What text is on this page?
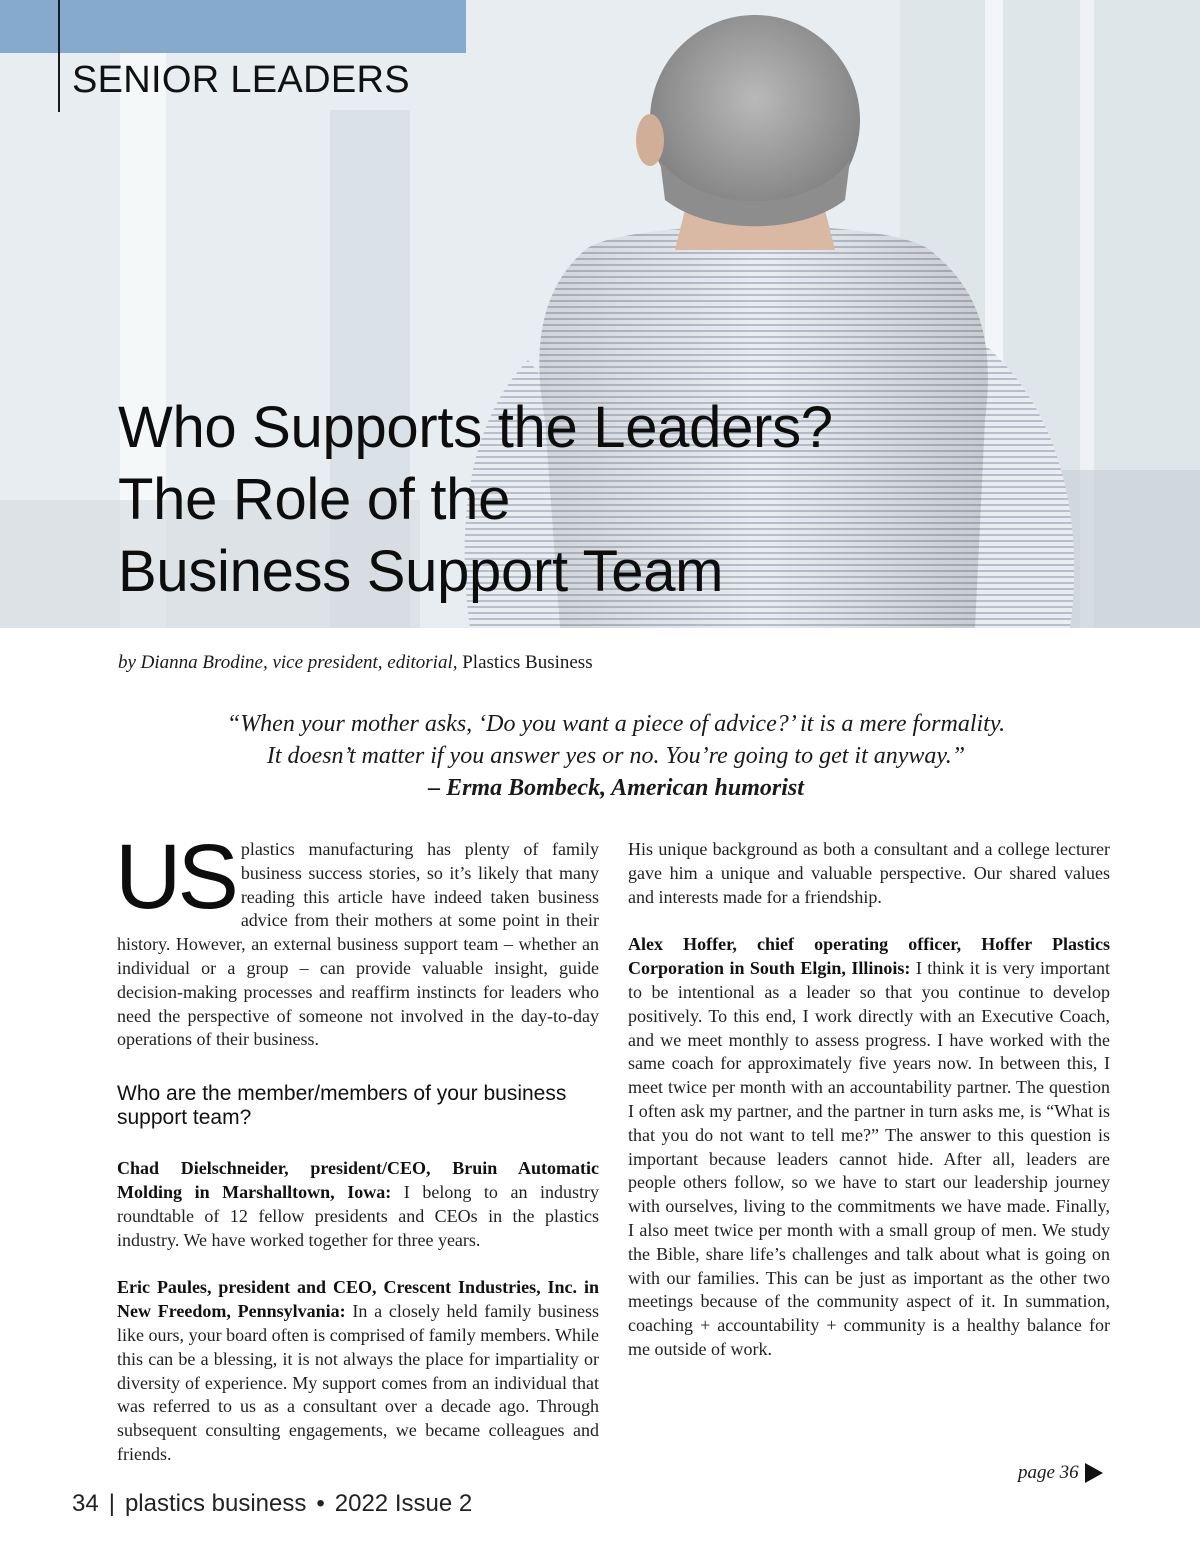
SENIOR LEADERS
Who Supports the Leaders?
The Role of the
Business Support Team

by Dianna Brodine, vice president, editorial, Plastics Business

“When your mother asks, ‘Do you want a piece of advice?’ it is a mere formality.
It doesn’t matter if you answer yes or no. You’re going to get it anyway.”
– Erma Bombeck, American humorist

US plastics manufacturing has plenty of family business success stories, so it’s likely that many reading this article have indeed taken business advice from their mothers at some point in their history. However, an external business support team – whether an individual or a group – can provide valuable insight, guide decision-making processes and reaffirm instincts for leaders who need the perspective of someone not involved in the day-to-day operations of their business.

Who are the member/members of your business support team?

Chad Dielschneider, president/CEO, Bruin Automatic Molding in Marshalltown, Iowa: I belong to an industry roundtable of 12 fellow presidents and CEOs in the plastics industry. We have worked together for three years.

Eric Paules, president and CEO, Crescent Industries, Inc. in New Freedom, Pennsylvania: In a closely held family business like ours, your board often is comprised of family members. While this can be a blessing, it is not always the place for impartiality or diversity of experience. My support comes from an individual that was referred to us as a consultant over a decade ago. Through subsequent consulting engagements, we became colleagues and friends.

His unique background as both a consultant and a college lecturer gave him a unique and valuable perspective. Our shared values and interests made for a friendship.

Alex Hoffer, chief operating officer, Hoffer Plastics Corporation in South Elgin, Illinois: I think it is very important to be intentional as a leader so that you continue to develop positively. To this end, I work directly with an Executive Coach, and we meet monthly to assess progress. I have worked with the same coach for approximately five years now. In between this, I meet twice per month with an accountability partner. The question I often ask my partner, and the partner in turn asks me, is “What is that you do not want to tell me?” The answer to this question is important because leaders cannot hide. After all, leaders are people others follow, so we have to start our leadership journey with ourselves, living to the commitments we have made. Finally, I also meet twice per month with a small group of men. We study the Bible, share life’s challenges and talk about what is going on with our families. This can be just as important as the other two meetings because of the community aspect of it. In summation, coaching + accountability + community is a healthy balance for me outside of work.

page 36
34 | plastics business • 2022 Issue 2
